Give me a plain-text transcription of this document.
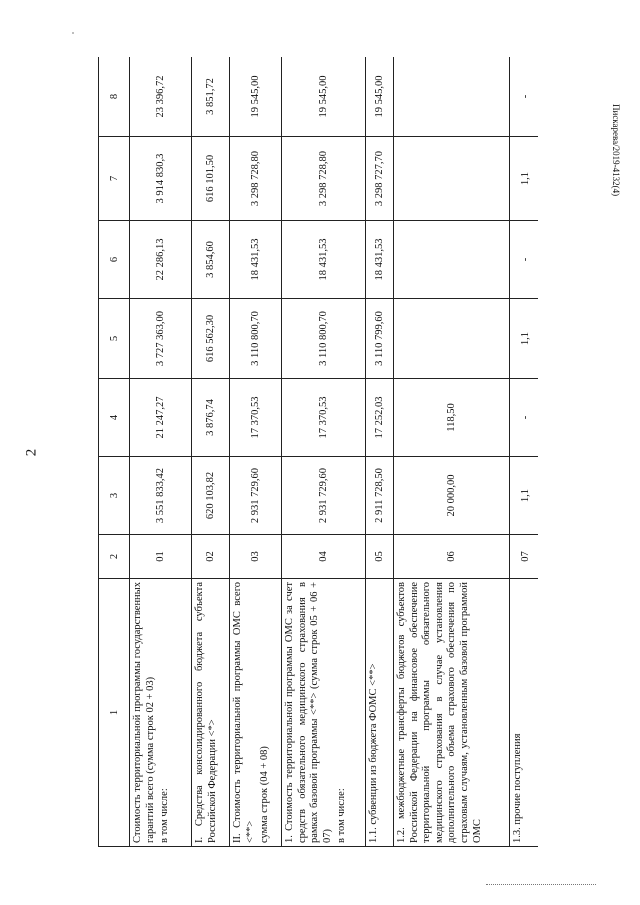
2
Пискарева/2019-4132(4)
1	2	3	4	5	6	7	8
Стоимость территориальной программы государственных гарантий всего (сумма строк 02 + 03) в том числе:	01	3 551 833,42	21 247,27	3 727 363,00	22 286,13	3 914 830,3	23 396,72
I. Средства консолидированного бюджета субъекта Российской Федерации <*>	02	620 103,82	3 876,74	616 562,30	3 854,60	616 101,50	3 851,72
II. Стоимость территориальной программы ОМС всего <**> сумма строк (04 + 08)	03	2 931 729,60	17 370,53	3 110 800,70	18 431,53	3 298 728,80	19 545,00
1. Стоимость территориальной программы ОМС за счет средств обязательного медицинского страхования в рамках базовой программы <**> (сумма строк 05 + 06 + 07) в том числе:	04	2 931 729,60	17 370,53	3 110 800,70	18 431,53	3 298 728,80	19 545,00
1.1. субвенции из бюджета ФОМС <**>	05	2 911 728,50	17 252,03	3 110 799,60	18 431,53	3 298 727,70	19 545,00
1.2. межбюджетные трансферты бюджетов субъектов Российской Федерации на финансовое обеспечение территориальной программы обязательного медицинского страхования в случае установления дополнительного объема страхового обеспечения по страховым случаям, установленным базовой программой ОМС	06	20 000,00	118,50				
1.3. прочие поступления	07	1,1	-	1,1	-	1,1	-
